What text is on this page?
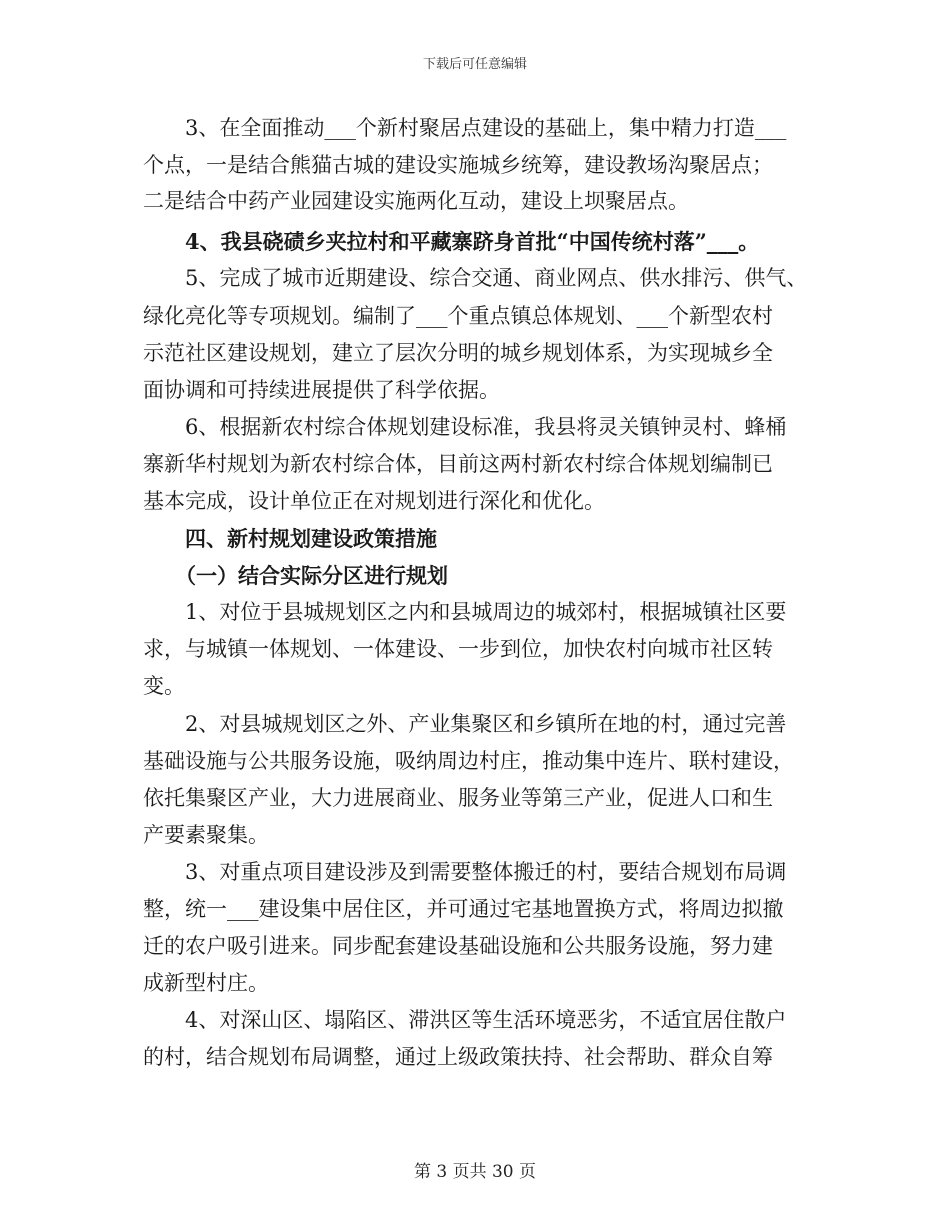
下载后可任意编辑
3、在全面推动___个新村聚居点建设的基础上，集中精力打造___
个点，一是结合熊猫古城的建设实施城乡统筹，建设教场沟聚居点；
二是结合中药产业园建设实施两化互动，建设上坝聚居点。
4、我县硗碛乡夹拉村和平藏寨跻身首批“中国传统村落”___。
5、完成了城市近期建设、综合交通、商业网点、供水排污、供气、
绿化亮化等专项规划。编制了___个重点镇总体规划、___个新型农村
示范社区建设规划，建立了层次分明的城乡规划体系，为实现城乡全
面协调和可持续进展提供了科学依据。
6、根据新农村综合体规划建设标准，我县将灵关镇钟灵村、蜂桶
寨新华村规划为新农村综合体，目前这两村新农村综合体规划编制已
基本完成，设计单位正在对规划进行深化和优化。
四、新村规划建设政策措施
（一）结合实际分区进行规划
1、对位于县城规划区之内和县城周边的城郊村，根据城镇社区要
求，与城镇一体规划、一体建设、一步到位，加快农村向城市社区转
变。
2、对县城规划区之外、产业集聚区和乡镇所在地的村，通过完善
基础设施与公共服务设施，吸纳周边村庄，推动集中连片、联村建设，
依托集聚区产业，大力进展商业、服务业等第三产业，促进人口和生
产要素聚集。
3、对重点项目建设涉及到需要整体搬迁的村，要结合规划布局调
整，统一___建设集中居住区，并可通过宅基地置换方式，将周边拟撤
迁的农户吸引进来。同步配套建设基础设施和公共服务设施，努力建
成新型村庄。
4、对深山区、塌陷区、滞洪区等生活环境恶劣，不适宜居住散户
的村，结合规划布局调整，通过上级政策扶持、社会帮助、群众自筹
第 3 页共 30 页
